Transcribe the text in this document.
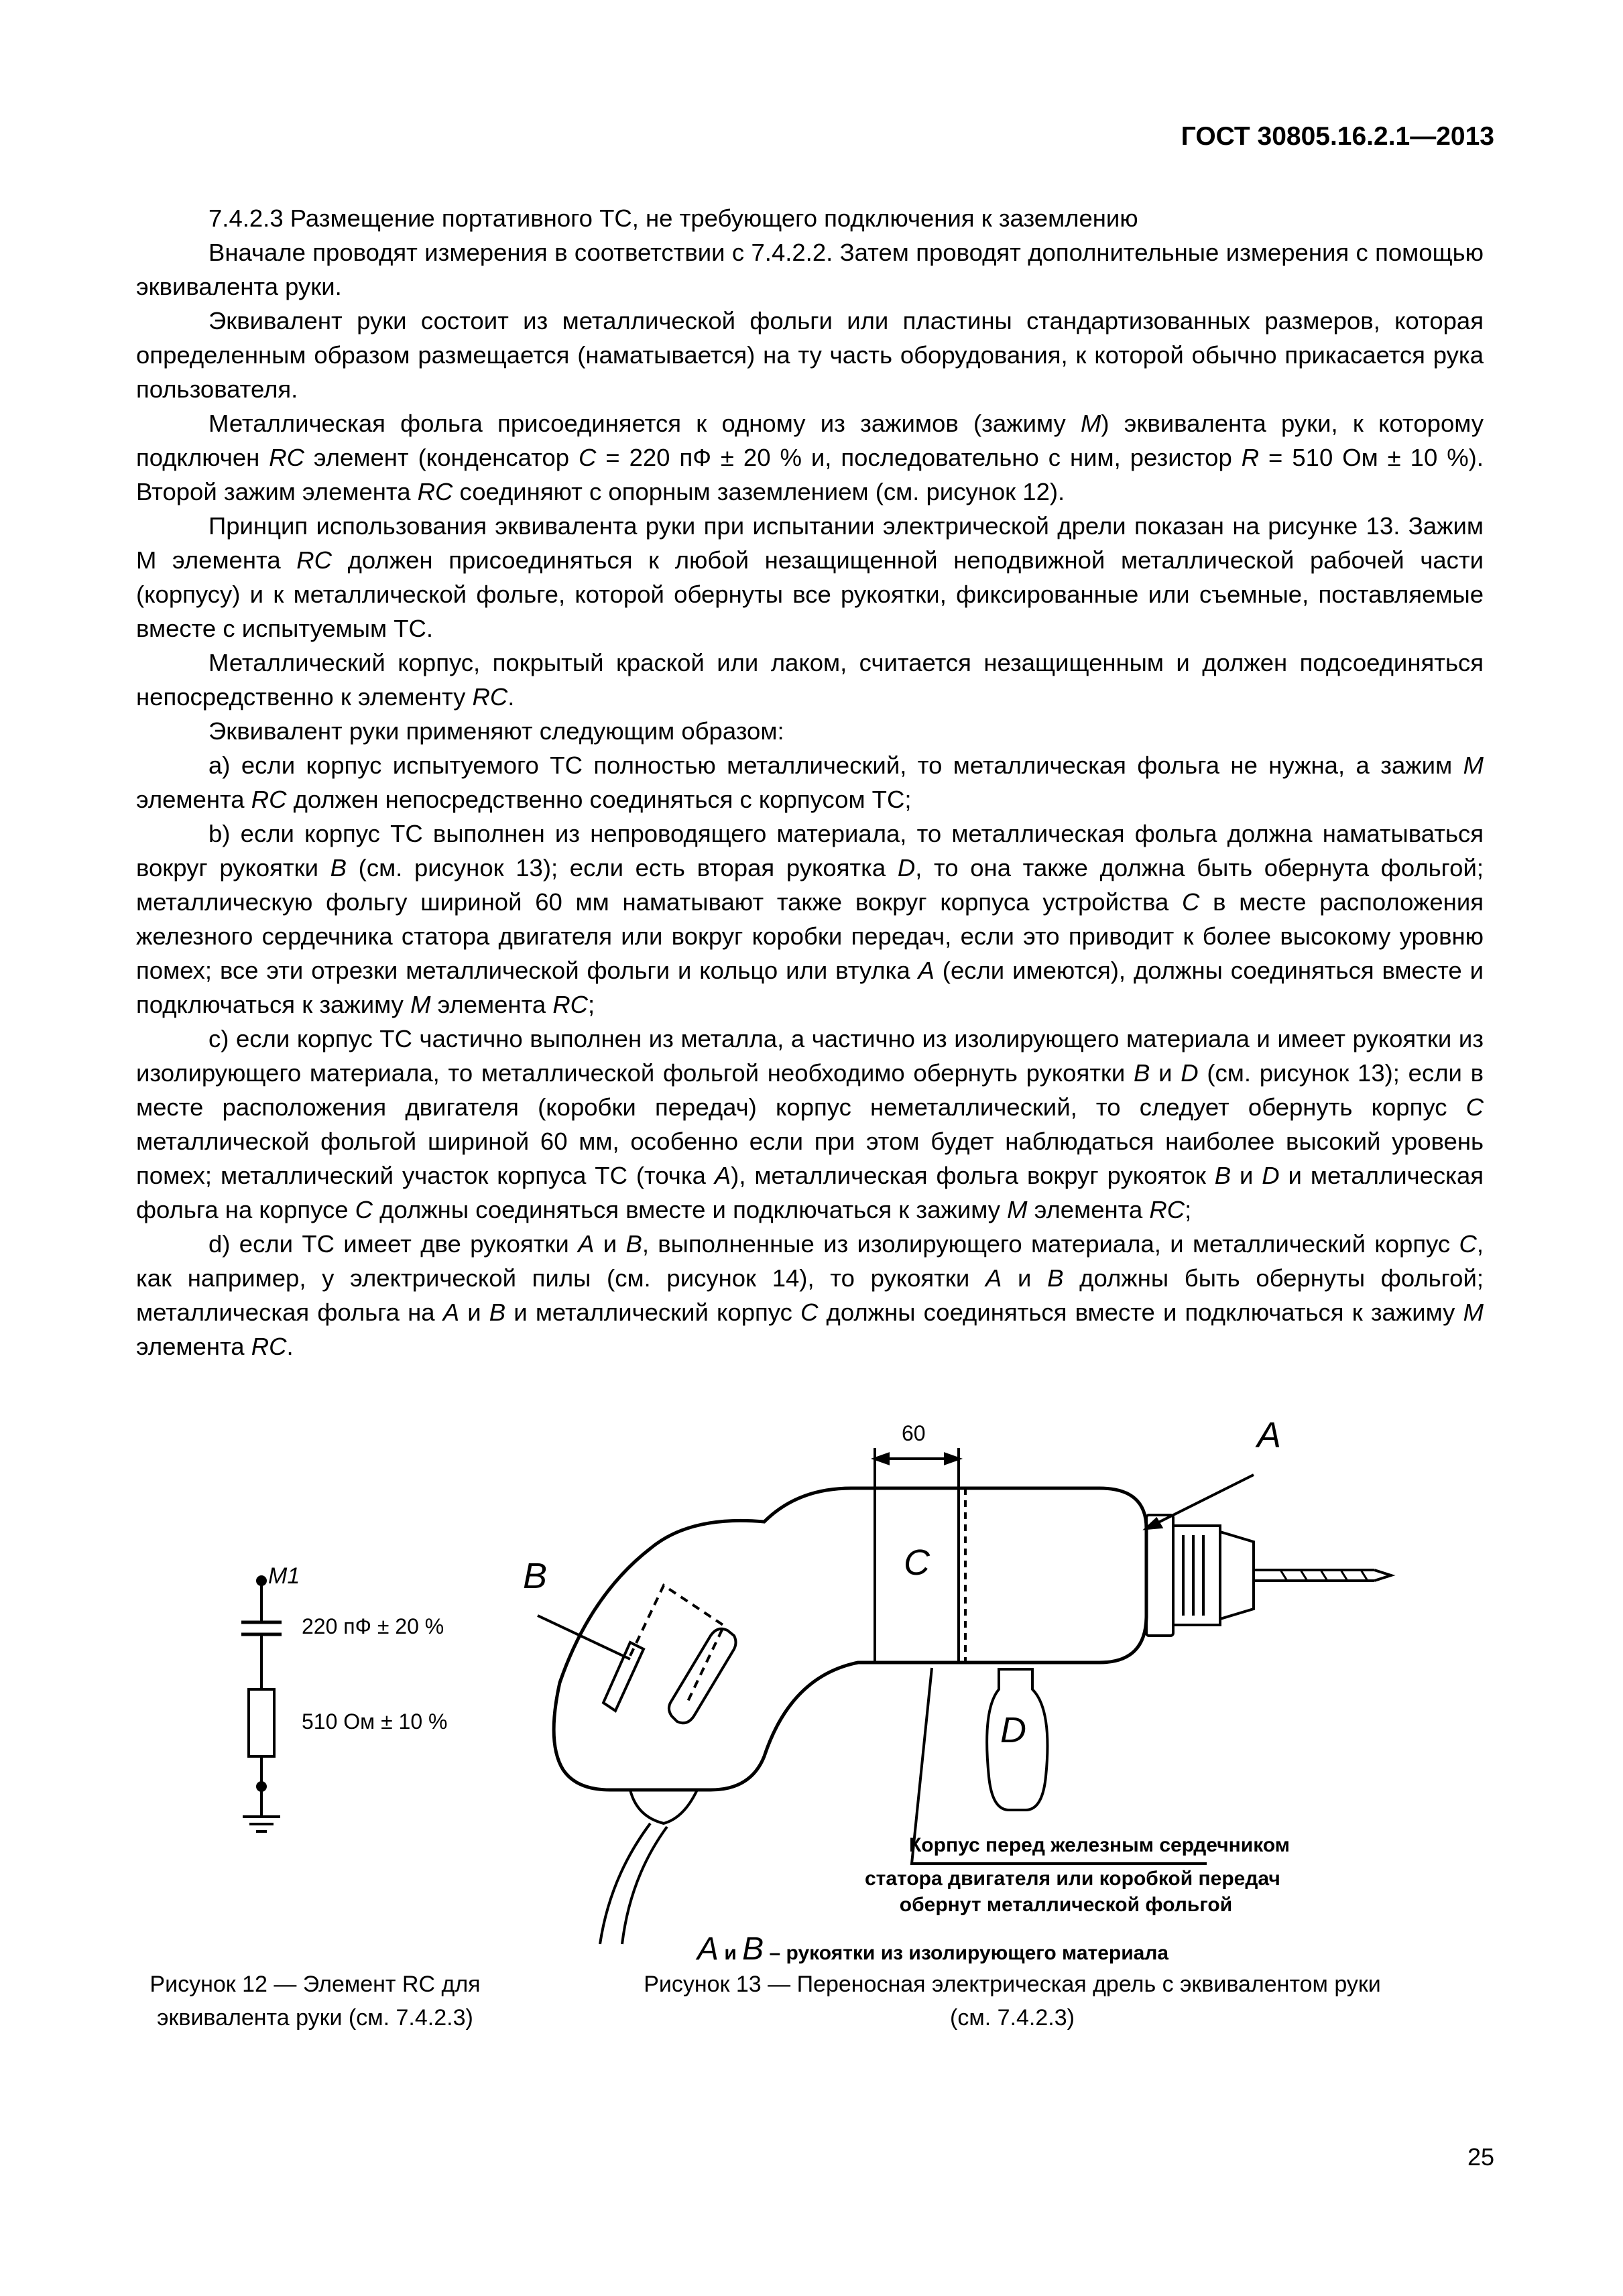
ГОСТ 30805.16.2.1—2013

7.4.2.3 Размещение портативного ТС, не требующего подключения к заземлению

Вначале проводят измерения в соответствии с 7.4.2.2. Затем проводят дополнительные измерения с помощью эквивалента руки.

Эквивалент руки состоит из металлической фольги или пластины стандартизованных размеров, которая определенным образом размещается (наматывается) на ту часть оборудования, к которой обычно прикасается рука пользователя.

Металлическая фольга присоединяется к одному из зажимов (зажиму М) эквивалента руки, к которому подключен RC элемент (конденсатор С = 220 пФ ± 20 % и, последовательно с ним, резистор R = 510 Ом ± 10 %). Второй зажим элемента RC соединяют с опорным заземлением (см. рисунок 12).

Принцип использования эквивалента руки при испытании электрической дрели показан на рисунке 13. Зажим М элемента RC должен присоединяться к любой незащищенной неподвижной металлической рабочей части (корпусу) и к металлической фольге, которой обернуты все рукоятки, фиксированные или съемные, поставляемые вместе с испытуемым ТС.

Металлический корпус, покрытый краской или лаком, считается незащищенным и должен подсоединяться непосредственно к элементу RC.

Эквивалент руки применяют следующим образом:

a) если корпус испытуемого ТС полностью металлический, то металлическая фольга не нужна, а зажим М элемента RC должен непосредственно соединяться с корпусом ТС;

b) если корпус ТС выполнен из непроводящего материала, то металлическая фольга должна наматываться вокруг рукоятки В (см. рисунок 13); если есть вторая рукоятка D, то она также должна быть обернута фольгой; металлическую фольгу шириной 60 мм наматывают также вокруг корпуса устройства С в месте расположения железного сердечника статора двигателя или вокруг коробки передач, если это приводит к более высокому уровню помех; все эти отрезки металлической фольги и кольцо или втулка А (если имеются), должны соединяться вместе и подключаться к зажиму М элемента RC;

c) если корпус ТС частично выполнен из металла, а частично из изолирующего материала и имеет рукоятки из изолирующего материала, то металлической фольгой необходимо обернуть рукоятки В и D (см. рисунок 13); если в месте расположения двигателя (коробки передач) корпус неметаллический, то следует обернуть корпус С металлической фольгой шириной 60 мм, особенно если при этом будет наблюдаться наиболее высокий уровень помех; металлический участок корпуса ТС (точка А), металлическая фольга вокруг рукояток В и D и металлическая фольга на корпусе С должны соединяться вместе и подключаться к зажиму М элемента RC;

d) если ТС имеет две рукоятки А и В, выполненные из изолирующего материала, и металлический корпус С, как например, у электрической пилы (см. рисунок 14), то рукоятки А и В должны быть обернуты фольгой; металлическая фольга на А и В и металлический корпус С должны соединяться вместе и подключаться к зажиму М элемента RC.

M1
220 пФ ± 20 %
510 Ом ± 10 %
60	A
B	C
D
Корпус перед железным сердечником
статора двигателя или коробкой передач
обернут металлической фольгой
A и B – рукоятки из изолирующего материала
Рисунок 12 — Элемент RC для
эквивалента руки (см. 7.4.2.3)
Рисунок 13 — Переносная электрическая дрель с эквивалентом руки
(см. 7.4.2.3)
25
